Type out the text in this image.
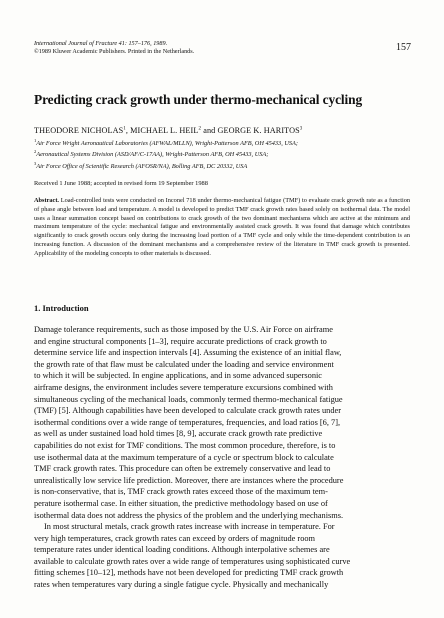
International Journal of Fracture 41: 157–176, 1989.
©1989 Kluwer Academic Publishers. Printed in the Netherlands.	157
Predicting crack growth under thermo-mechanical cycling
THEODORE NICHOLAS$^1$, MICHAEL L. HEIL$^2$ and GEORGE K. HARITOS$^3$
$^1$Air Force Wright Aeronautical Laboratories (AFWAL/MLLN), Wright-Patterson AFB, OH 45433, USA;
$^2$Aeronautical Systems Division (ASD/AF/C-17AA), Wright-Patterson AFB, OH 45433, USA;
$^3$Air Force Office of Scientific Research (AFOSR/NA), Bolling AFB, DC 20332, USA
Received 1 June 1988; accepted in revised form 19 September 1988
Abstract. Load-controlled tests were conducted on Inconel 718 under thermo-mechanical fatigue (TMF) to evaluate crack growth rate as a function of phase angle between load and temperature. A model is developed to predict TMF crack growth rates based solely on isothermal data. The model uses a linear summation concept based on contributions to crack growth of the two dominant mechanisms which are active at the minimum and maximum temperature of the cycle: mechanical fatigue and environmentally assisted crack growth. It was found that damage which contributes significantly to crack growth occurs only during the increasing load portion of a TMF cycle and only while the time-dependent contribution is an increasing function. A discussion of the dominant mechanisms and a comprehensive review of the literature in TMF crack growth is presented. Applicability of the modeling concepts to other materials is discussed.
1. Introduction
Damage tolerance requirements, such as those imposed by the U.S. Air Force on airframe
and engine structural components [1–3], require accurate predictions of crack growth to
determine service life and inspection intervals [4]. Assuming the existence of an initial flaw,
the growth rate of that flaw must be calculated under the loading and service environment
to which it will be subjected. In engine applications, and in some advanced supersonic
airframe designs, the environment includes severe temperature excursions combined with
simultaneous cycling of the mechanical loads, commonly termed thermo-mechanical fatigue
(TMF) [5]. Although capabilities have been developed to calculate crack growth rates under
isothermal conditions over a wide range of temperatures, frequencies, and load ratios [6, 7],
as well as under sustained load hold times [8, 9], accurate crack growth rate predictive
capabilities do not exist for TMF conditions. The most common procedure, therefore, is to
use isothermal data at the maximum temperature of a cycle or spectrum block to calculate
TMF crack growth rates. This procedure can often be extremely conservative and lead to
unrealistically low service life prediction. Moreover, there are instances where the procedure
is non-conservative, that is, TMF crack growth rates exceed those of the maximum tem-
perature isothermal case. In either situation, the predictive methodology based on use of
isothermal data does not address the physics of the problem and the underlying mechanisms.
In most structural metals, crack growth rates increase with increase in temperature. For
very high temperatures, crack growth rates can exceed by orders of magnitude room
temperature rates under identical loading conditions. Although interpolative schemes are
available to calculate growth rates over a wide range of temperatures using sophisticated curve
fitting schemes [10–12], methods have not been developed for predicting TMF crack growth
rates when temperatures vary during a single fatigue cycle. Physically and mechanically
